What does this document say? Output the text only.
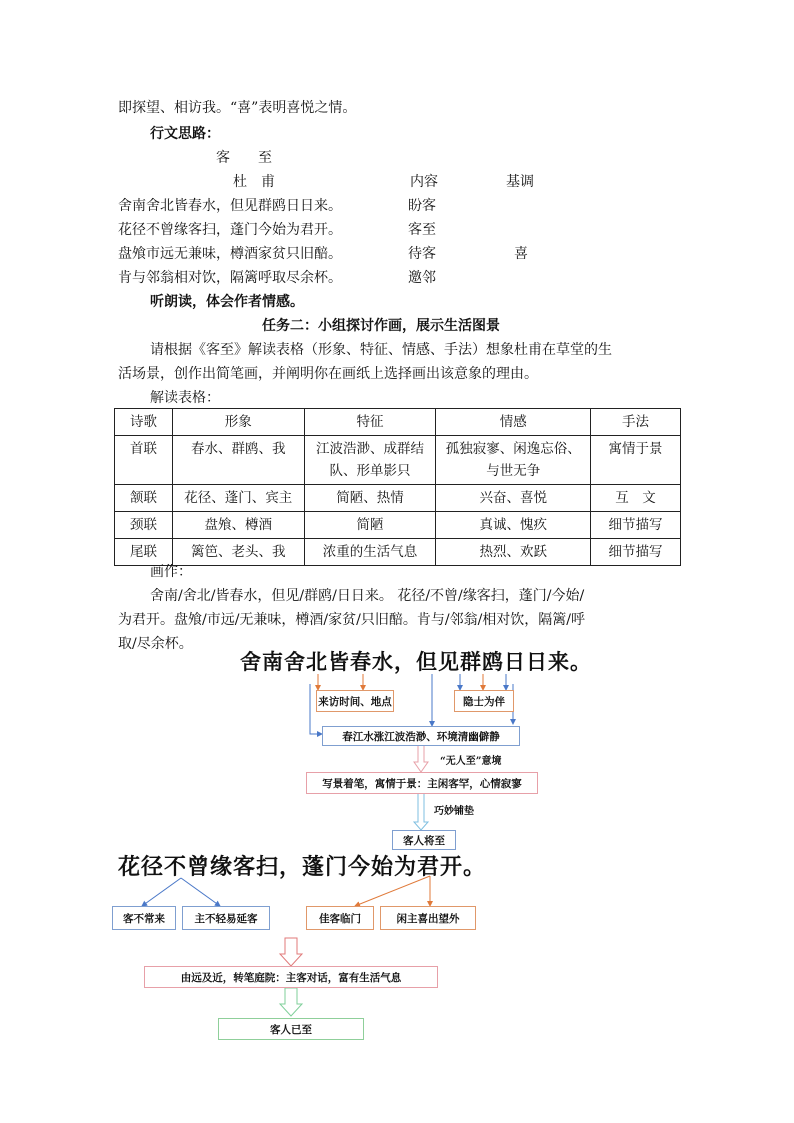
即探望、相访我。“喜”表明喜悦之情。
行文思路：
客　　至
杜　甫	内容	基调
舍南舍北皆春水，但见群鸥日日来。	盼客
花径不曾缘客扫，蓬门今始为君开。	客至
盘飧市远无兼味，樽酒家贫只旧醅。	待客	喜
肯与邻翁相对饮，隔篱呼取尽余杯。	邀邻
听朗读，体会作者情感。
任务二：小组探讨作画，展示生活图景
请根据《客至》解读表格（形象、特征、情感、手法）想象杜甫在草堂的生
活场景，创作出简笔画，并阐明你在画纸上选择画出该意象的理由。
解读表格：
诗歌	形象	特征	情感	手法
首联	春水、群鸥、我	江波浩渺、成群结队、形单影只	孤独寂寥、闲逸忘俗、与世无争	寓情于景
颔联	花径、蓬门、宾主	简陋、热情	兴奋、喜悦	互　文
颈联	盘飧、樽酒	简陋	真诚、愧疚	细节描写
尾联	篱笆、老头、我	浓重的生活气息	热烈、欢跃	细节描写
画作：
舍南/舍北/皆春水，但见/群鸥/日日来。 花径/不曾/缘客扫，蓬门/今始/
为君开。盘飧/市远/无兼味，樽酒/家贫/只旧醅。肯与/邻翁/相对饮，隔篱/呼
取/尽余杯。
舍南舍北皆春水，但见群鸥日日来。
来访时间、地点	隐士为伴
春江水涨江波浩渺、环境清幽僻静
“无人至”意境
写景着笔，寓情于景：主闲客罕，心情寂寥
巧妙铺垫
客人将至
花径不曾缘客扫，蓬门今始为君开。
客不常来	主不轻易延客	佳客临门	闲主喜出望外
由远及近，转笔庭院：主客对话，富有生活气息
客人已至
